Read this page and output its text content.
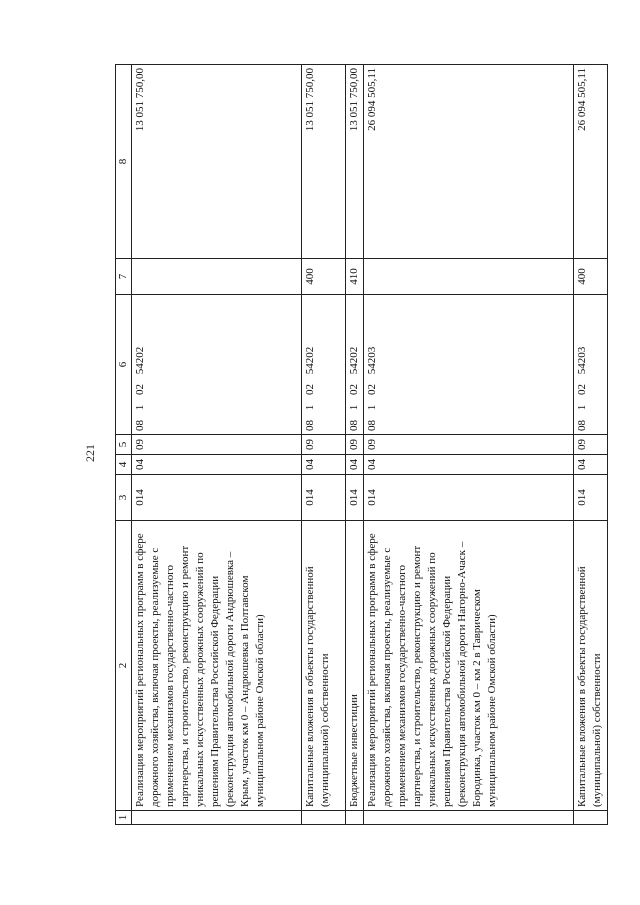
221
1	2	3	4	5	6	7	8
	Реализация мероприятий региональных программ в сфере дорожного хозяйства, включая проекты, реализуемые с применением механизмов государственно-частного партнерства, и строительство, реконструкцию и ремонт уникальных искусственных дорожных сооружений по решениям Правительства Российской Федерации (реконструкция автомобильной дороги Андрюшевка – Крым, участок км 0 – Андрюшевка в Полтавском муниципальном районе Омской области)	014	04	09	08 1 02 54202		13 051 750,00
	Капитальные вложения в объекты государственной (муниципальной) собственности	014	04	09	08 1 02 54202	400	13 051 750,00
	Бюджетные инвестиции	014	04	09	08 1 02 54202	410	13 051 750,00
	Реализация мероприятий региональных программ в сфере дорожного хозяйства, включая проекты, реализуемые с применением механизмов государственно-частного партнерства, и строительство, реконструкцию и ремонт уникальных искусственных дорожных сооружений по решениям Правительства Российской Федерации (реконструкция автомобильной дороги Нагорно-Ачаск – Бородинка, участок км 0 – км 2 в Таврическом муниципальном районе Омской области)	014	04	09	08 1 02 54203		26 094 505,11
	Капитальные вложения в объекты государственной (муниципальной) собственности	014	04	09	08 1 02 54203	400	26 094 505,11
